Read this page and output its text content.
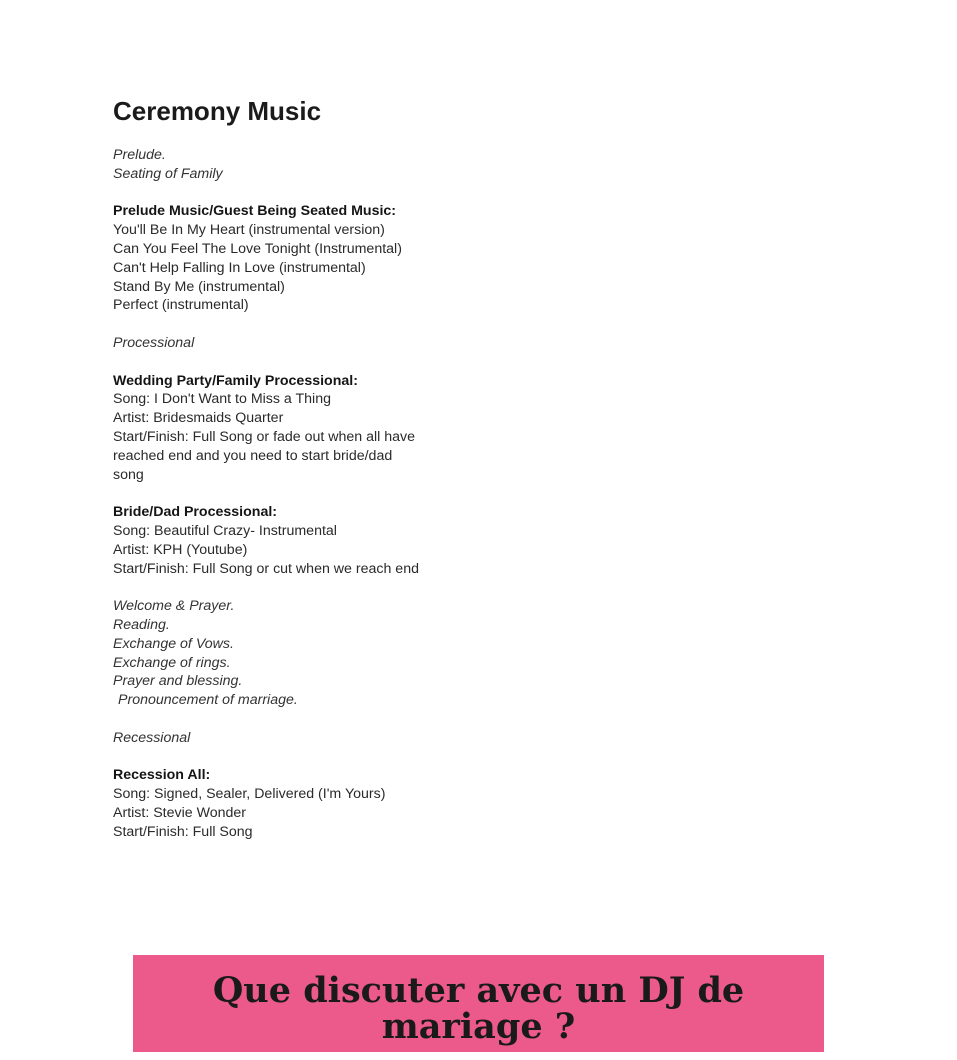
Ceremony Music
Prelude.
Seating of Family
Prelude Music/Guest Being Seated Music:
You'll Be In My Heart (instrumental version)
Can You Feel The Love Tonight (Instrumental)
Can't Help Falling In Love (instrumental)
Stand By Me (instrumental)
Perfect (instrumental)
Processional
Wedding Party/Family Processional:
Song: I Don't Want to Miss a Thing
Artist: Bridesmaids Quarter
Start/Finish: Full Song or fade out when all have
reached end and you need to start bride/dad
song
Bride/Dad Processional:
Song: Beautiful Crazy- Instrumental
Artist: KPH (Youtube)
Start/Finish: Full Song or cut when we reach end
Welcome & Prayer.
Reading.
Exchange of Vows.
Exchange of rings.
Prayer and blessing.
Pronouncement of marriage.
Recessional
Recession All:
Song: Signed, Sealer, Delivered (I'm Yours)
Artist: Stevie Wonder
Start/Finish: Full Song
Que discuter avec un DJ de mariage ?
